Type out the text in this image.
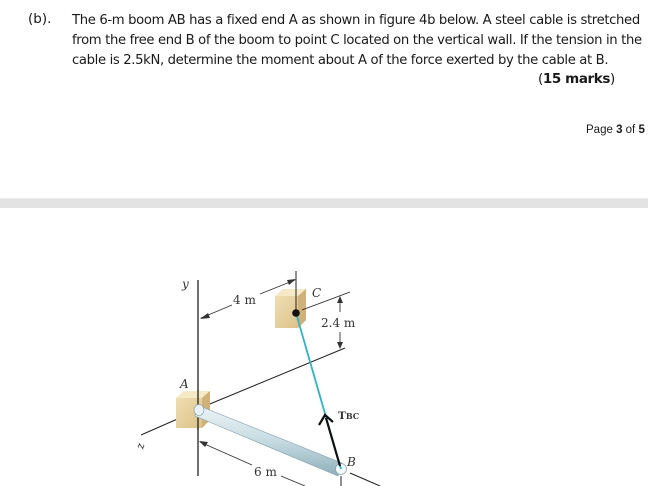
(b). The 6-m boom AB has a fixed end A as shown in figure 4b below. A steel cable is stretched
from the free end B of the boom to point C located on the vertical wall. If the tension in the
cable is 2.5kN, determine the moment about A of the force exerted by the cable at B.
(15 marks)
Page 3 of 5
y
z
A
B
6 m
C
4 m
2.4 m
TBC
